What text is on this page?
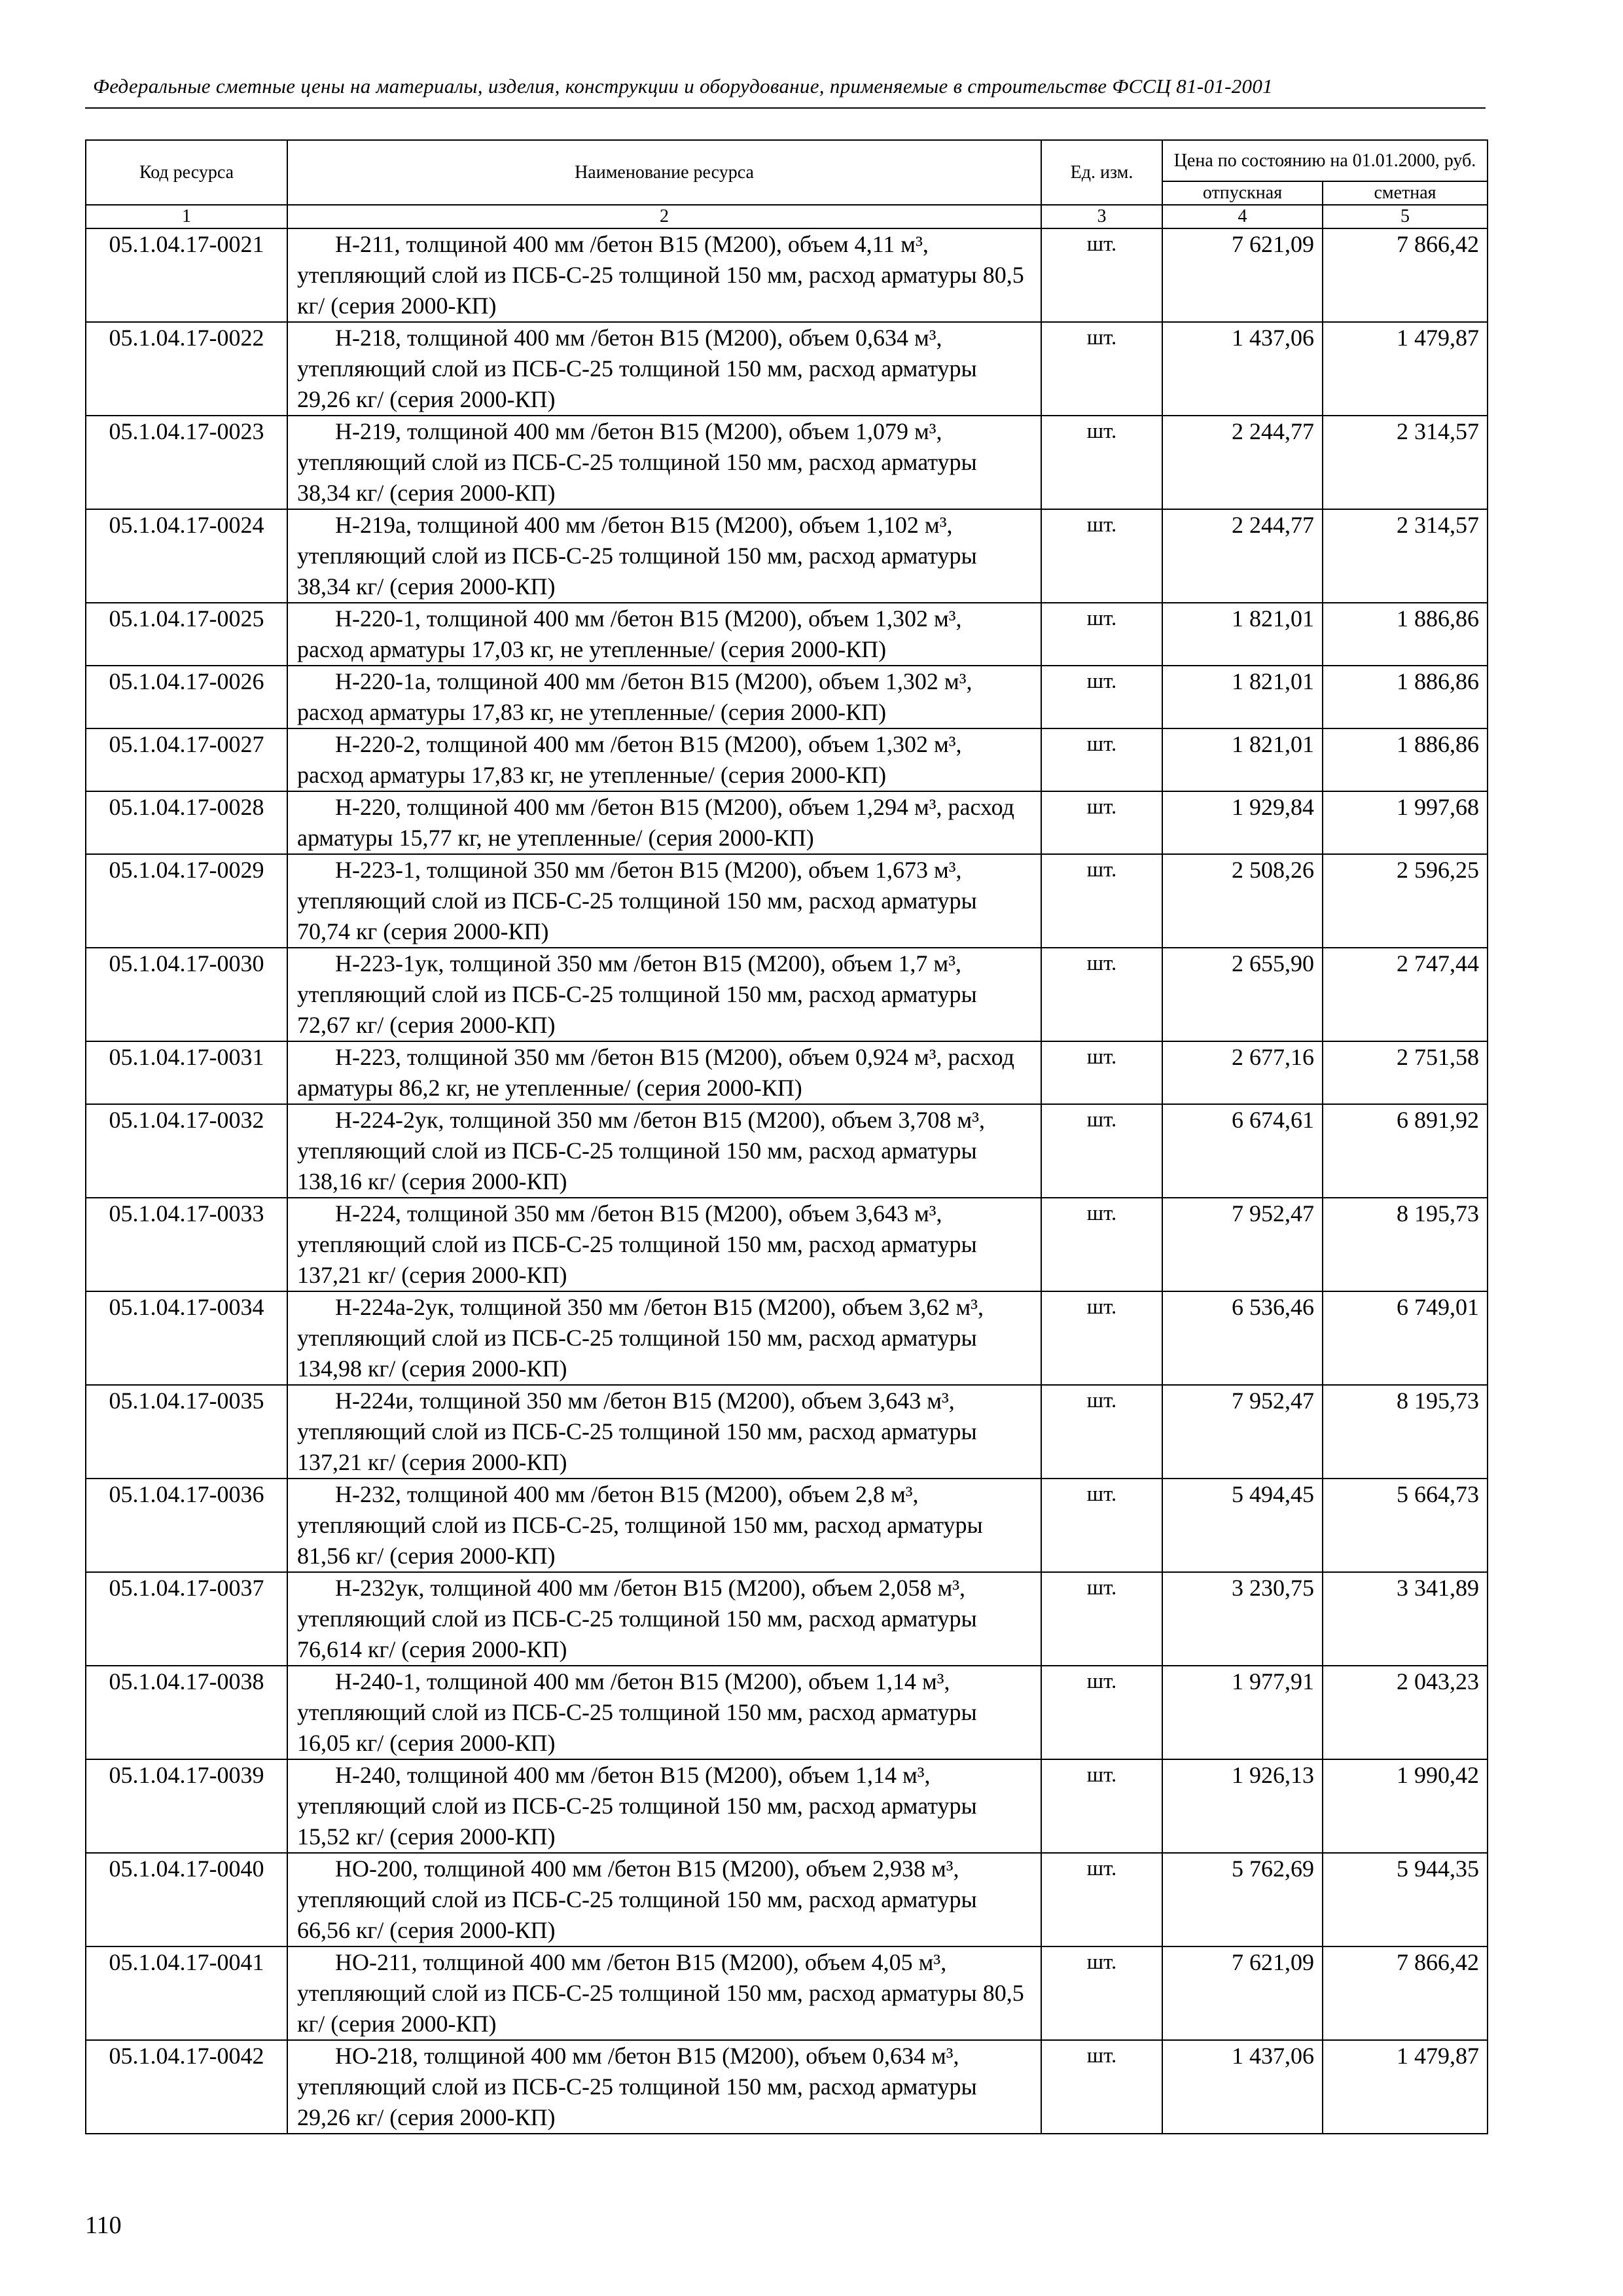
Федеральные сметные цены на материалы, изделия, конструкции и оборудование, применяемые в строительстве ФССЦ 81-01-2001
Код ресурса	Наименование ресурса	Ед. изм.	Цена по состоянию на 01.01.2000, руб.	
			отпускная	сметная
1	2	3	4	5
05.1.04.17-0021	Н-211, толщиной 400 мм /бетон В15 (М200), объем 4,11 м³, утепляющий слой из ПСБ-С-25 толщиной 150 мм, расход арматуры 80,5 кг/ (серия 2000-КП)	шт.	7 621,09	7 866,42
05.1.04.17-0022	Н-218, толщиной 400 мм /бетон В15 (М200), объем 0,634 м³, утепляющий слой из ПСБ-С-25 толщиной 150 мм, расход арматуры 29,26 кг/ (серия 2000-КП)	шт.	1 437,06	1 479,87
05.1.04.17-0023	Н-219, толщиной 400 мм /бетон В15 (М200), объем 1,079 м³, утепляющий слой из ПСБ-С-25 толщиной 150 мм, расход арматуры 38,34 кг/ (серия 2000-КП)	шт.	2 244,77	2 314,57
05.1.04.17-0024	Н-219а, толщиной 400 мм /бетон В15 (М200), объем 1,102 м³, утепляющий слой из ПСБ-С-25 толщиной 150 мм, расход арматуры 38,34 кг/ (серия 2000-КП)	шт.	2 244,77	2 314,57
05.1.04.17-0025	Н-220-1, толщиной 400 мм /бетон В15 (М200), объем 1,302 м³, расход арматуры 17,03 кг, не утепленные/ (серия 2000-КП)	шт.	1 821,01	1 886,86
05.1.04.17-0026	Н-220-1а, толщиной 400 мм /бетон В15 (М200), объем 1,302 м³, расход арматуры 17,83 кг, не утепленные/ (серия 2000-КП)	шт.	1 821,01	1 886,86
05.1.04.17-0027	Н-220-2, толщиной 400 мм /бетон В15 (М200), объем 1,302 м³, расход арматуры 17,83 кг, не утепленные/ (серия 2000-КП)	шт.	1 821,01	1 886,86
05.1.04.17-0028	Н-220, толщиной 400 мм /бетон В15 (М200), объем 1,294 м³, расход арматуры 15,77 кг, не утепленные/ (серия 2000-КП)	шт.	1 929,84	1 997,68
05.1.04.17-0029	Н-223-1, толщиной 350 мм /бетон В15 (М200), объем 1,673 м³, утепляющий слой из ПСБ-С-25 толщиной 150 мм, расход арматуры 70,74 кг (серия 2000-КП)	шт.	2 508,26	2 596,25
05.1.04.17-0030	Н-223-1ук, толщиной 350 мм /бетон В15 (М200), объем 1,7 м³, утепляющий слой из ПСБ-С-25 толщиной 150 мм, расход арматуры 72,67 кг/ (серия 2000-КП)	шт.	2 655,90	2 747,44
05.1.04.17-0031	Н-223, толщиной 350 мм /бетон В15 (М200), объем 0,924 м³, расход арматуры 86,2 кг, не утепленные/ (серия 2000-КП)	шт.	2 677,16	2 751,58
05.1.04.17-0032	Н-224-2ук, толщиной 350 мм /бетон В15 (М200), объем 3,708 м³, утепляющий слой из ПСБ-С-25 толщиной 150 мм, расход арматуры 138,16 кг/ (серия 2000-КП)	шт.	6 674,61	6 891,92
05.1.04.17-0033	Н-224, толщиной 350 мм /бетон В15 (М200), объем 3,643 м³, утепляющий слой из ПСБ-С-25 толщиной 150 мм, расход арматуры 137,21 кг/ (серия 2000-КП)	шт.	7 952,47	8 195,73
05.1.04.17-0034	Н-224а-2ук, толщиной 350 мм /бетон В15 (М200), объем 3,62 м³, утепляющий слой из ПСБ-С-25 толщиной 150 мм, расход арматуры 134,98 кг/ (серия 2000-КП)	шт.	6 536,46	6 749,01
05.1.04.17-0035	Н-224и, толщиной 350 мм /бетон В15 (М200), объем 3,643 м³, утепляющий слой из ПСБ-С-25 толщиной 150 мм, расход арматуры 137,21 кг/ (серия 2000-КП)	шт.	7 952,47	8 195,73
05.1.04.17-0036	Н-232, толщиной 400 мм /бетон В15 (М200), объем 2,8 м³, утепляющий слой из ПСБ-С-25, толщиной 150 мм, расход арматуры 81,56 кг/ (серия 2000-КП)	шт.	5 494,45	5 664,73
05.1.04.17-0037	Н-232ук, толщиной 400 мм /бетон В15 (М200), объем 2,058 м³, утепляющий слой из ПСБ-С-25 толщиной 150 мм, расход арматуры 76,614 кг/ (серия 2000-КП)	шт.	3 230,75	3 341,89
05.1.04.17-0038	Н-240-1, толщиной 400 мм /бетон В15 (М200), объем 1,14 м³, утепляющий слой из ПСБ-С-25 толщиной 150 мм, расход арматуры 16,05 кг/ (серия 2000-КП)	шт.	1 977,91	2 043,23
05.1.04.17-0039	Н-240, толщиной 400 мм /бетон В15 (М200), объем 1,14 м³, утепляющий слой из ПСБ-С-25 толщиной 150 мм, расход арматуры 15,52 кг/ (серия 2000-КП)	шт.	1 926,13	1 990,42
05.1.04.17-0040	НО-200, толщиной 400 мм /бетон В15 (М200), объем 2,938 м³, утепляющий слой из ПСБ-С-25 толщиной 150 мм, расход арматуры 66,56 кг/ (серия 2000-КП)	шт.	5 762,69	5 944,35
05.1.04.17-0041	НО-211, толщиной 400 мм /бетон В15 (М200), объем 4,05 м³, утепляющий слой из ПСБ-С-25 толщиной 150 мм, расход арматуры 80,5 кг/ (серия 2000-КП)	шт.	7 621,09	7 866,42
05.1.04.17-0042	НО-218, толщиной 400 мм /бетон В15 (М200), объем 0,634 м³, утепляющий слой из ПСБ-С-25 толщиной 150 мм, расход арматуры 29,26 кг/ (серия 2000-КП)	шт.	1 437,06	1 479,87
110
